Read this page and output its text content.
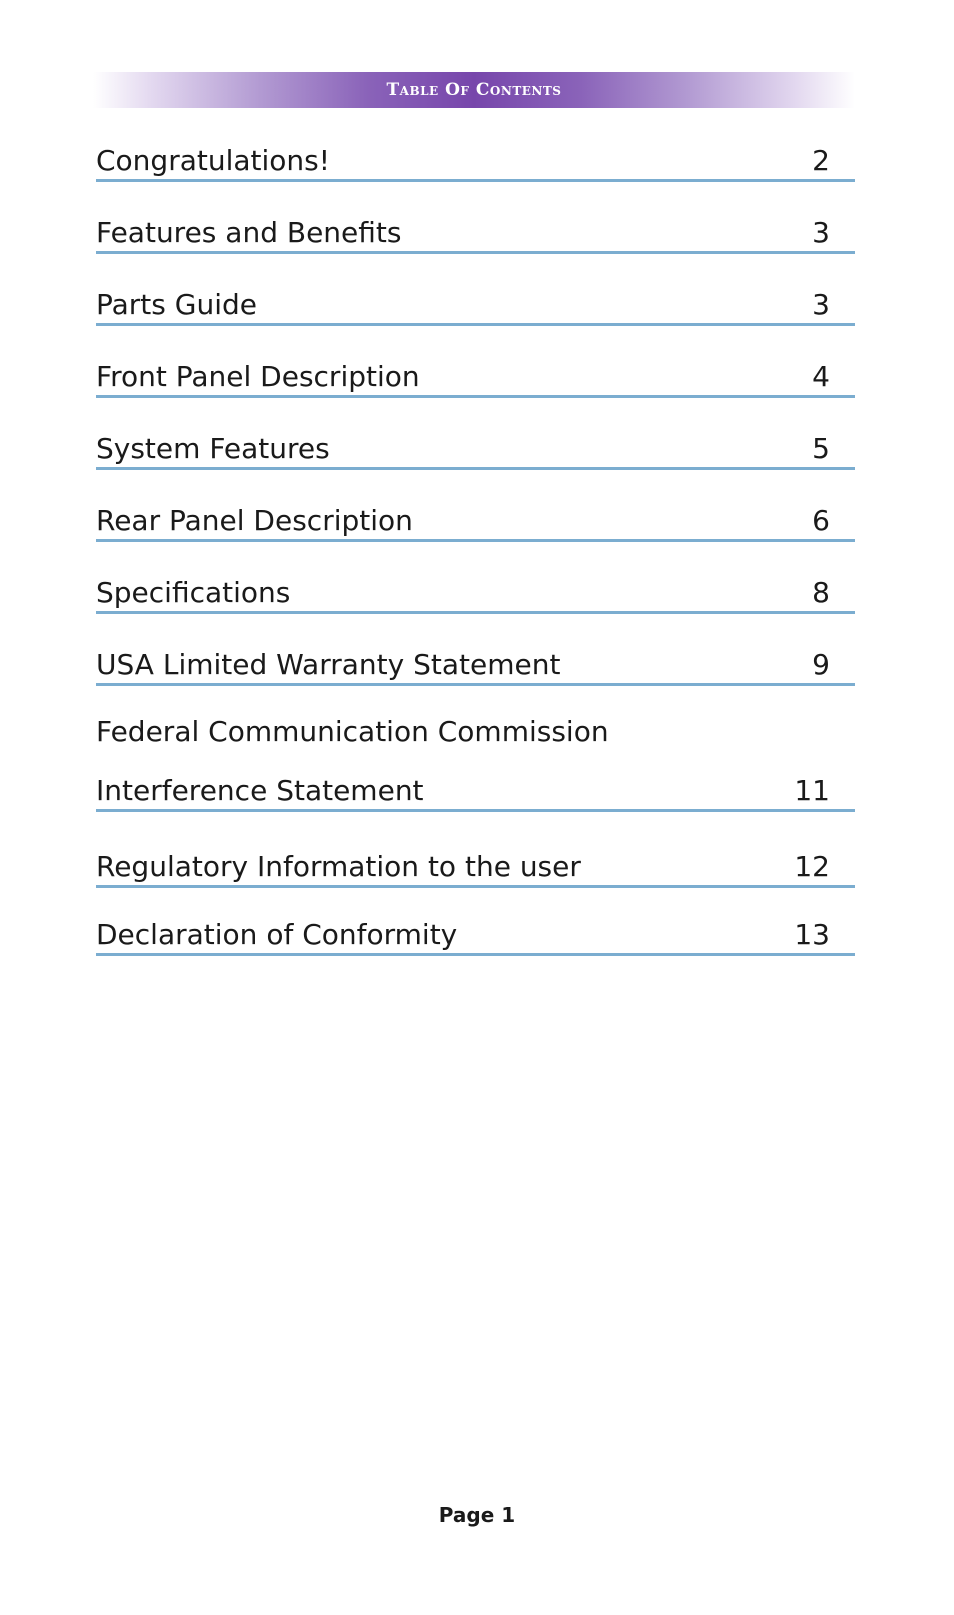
Table Of Contents
Congratulations!	2
Features and Benefits	3
Parts Guide	3
Front Panel Description	4
System Features	5
Rear Panel Description	6
Specifications	8
USA Limited Warranty Statement	9
Federal Communication Commission
Interference Statement	11
Regulatory Information to the user	12
Declaration of Conformity	13
Page 1
